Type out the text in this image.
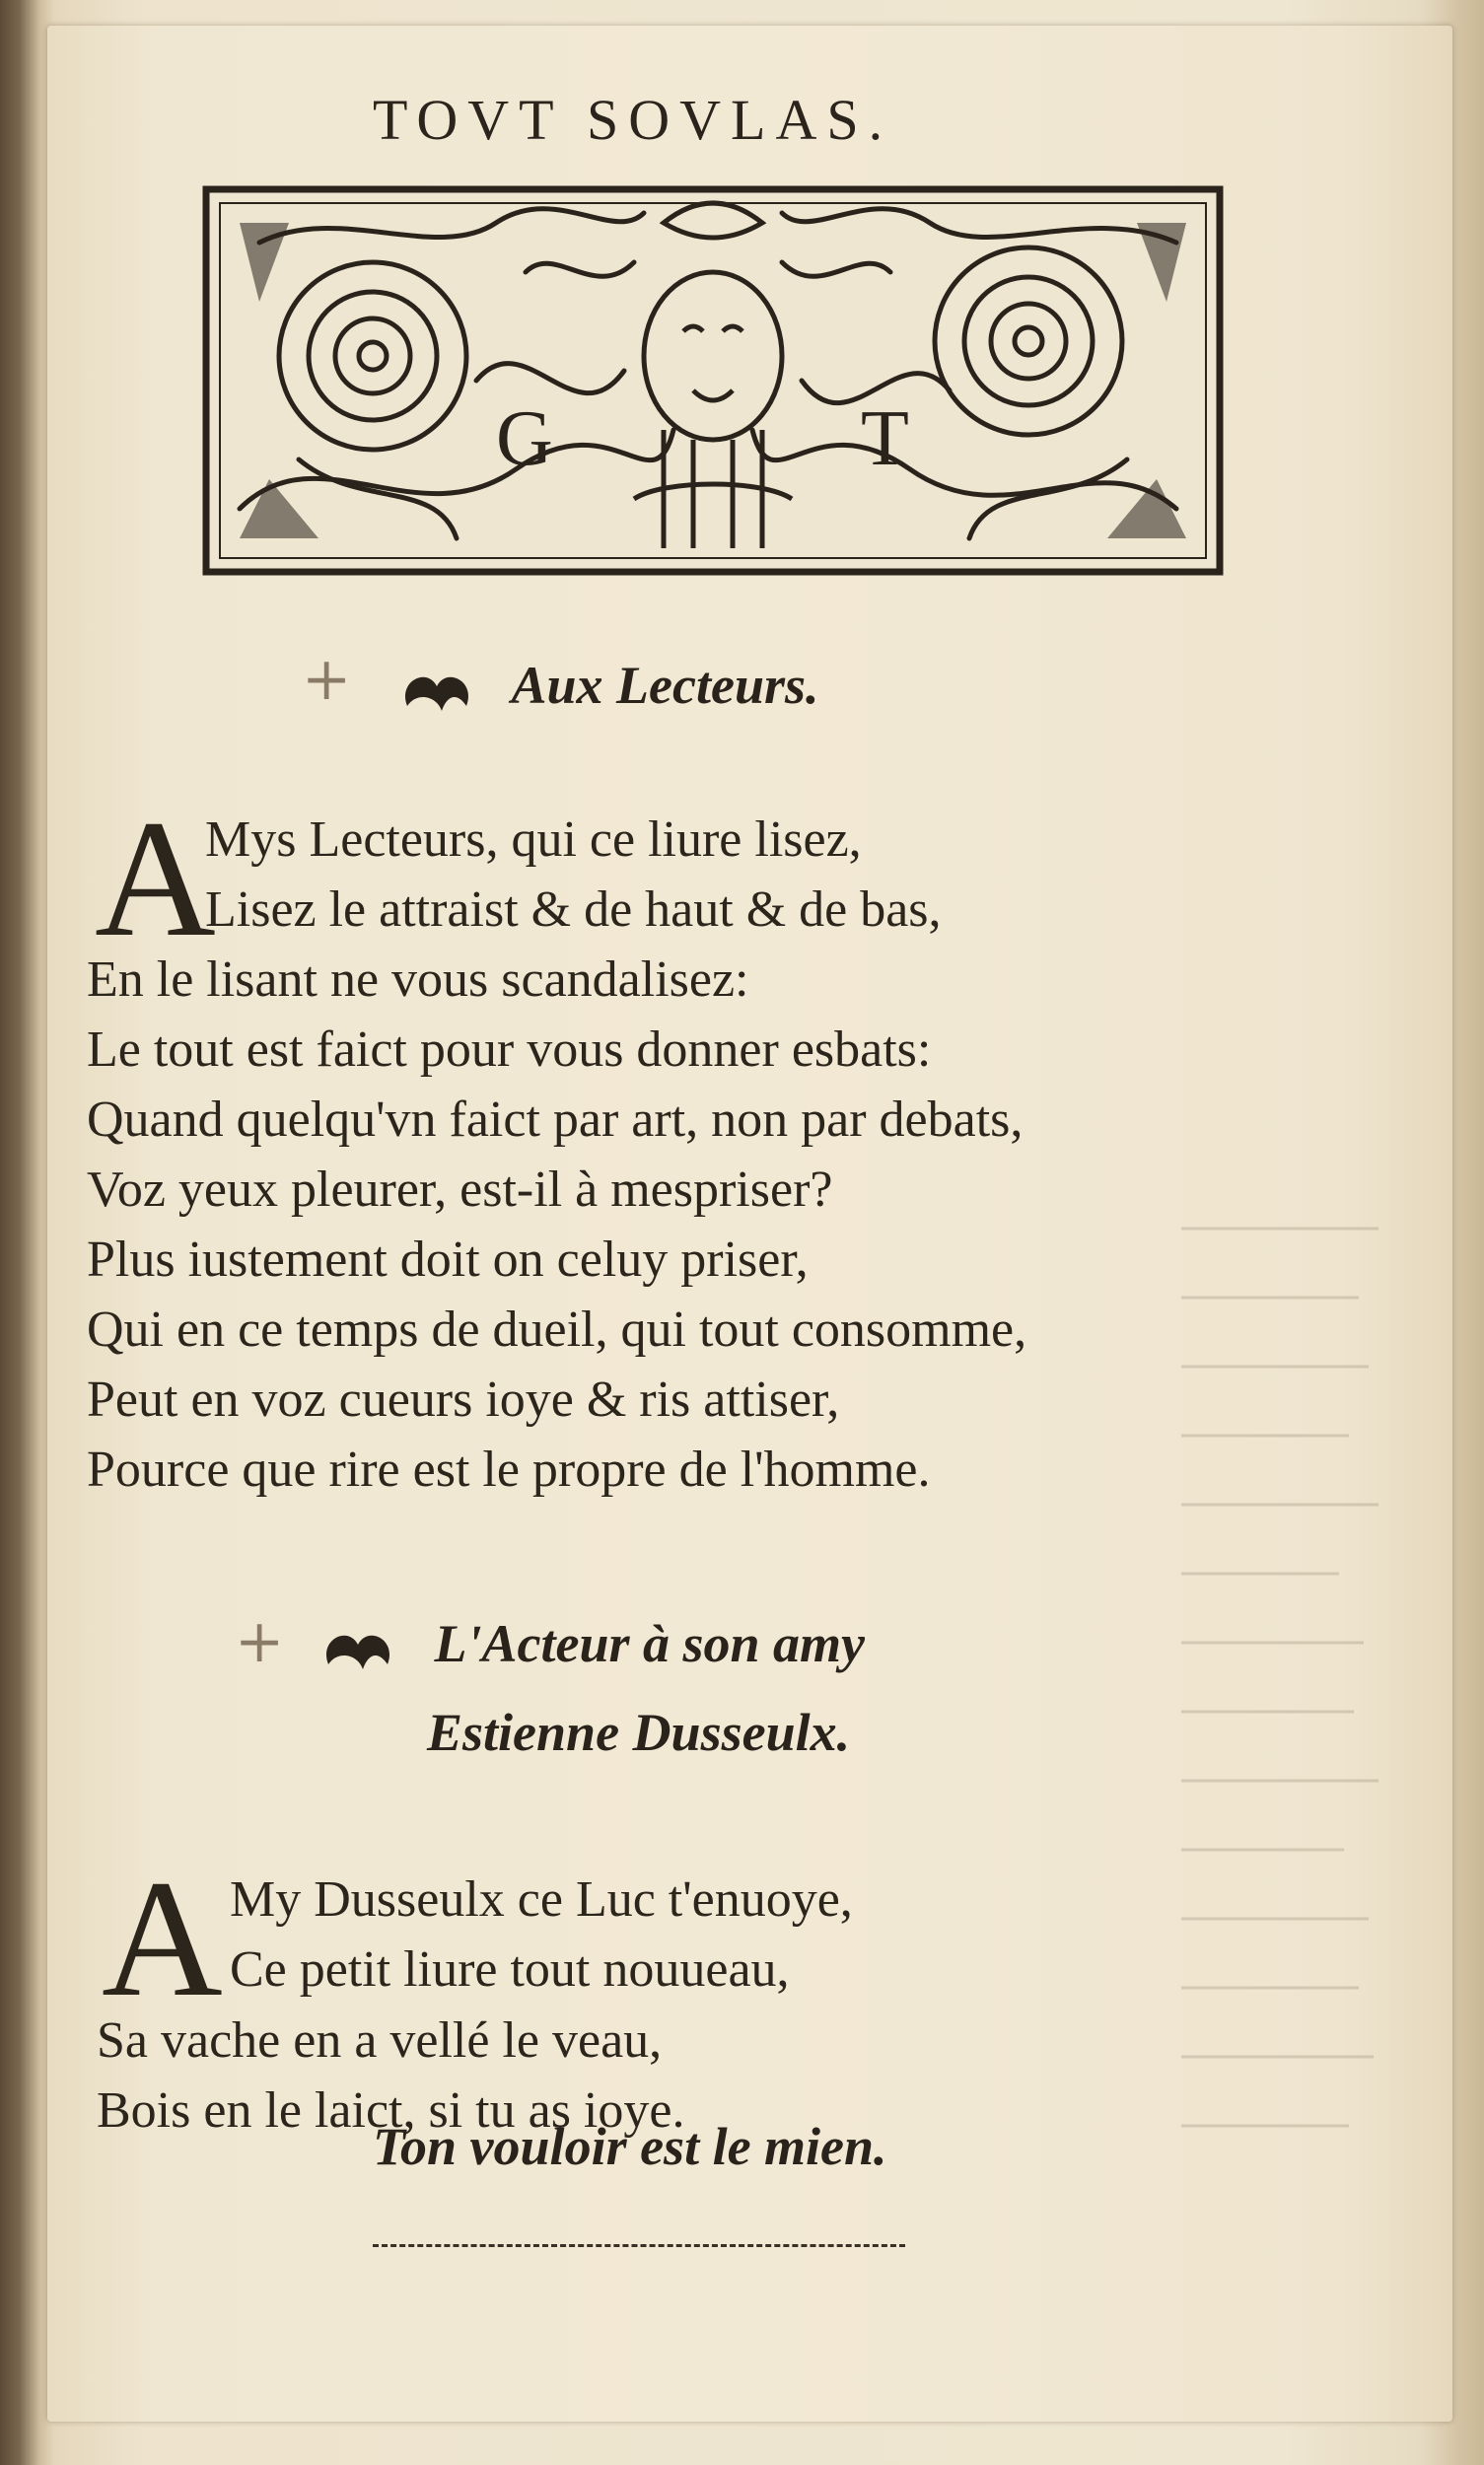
TOVT SOVLAS.
G	T
+	Aux Lecteurs.
A
Mys Lecteurs, qui ce liure lisez,
Lisez le attraist & de haut & de bas,
En le lisant ne vous scandalisez:
Le tout est faict pour vous donner esbats:
Quand quelqu'vn faict par art, non par debats,
Voz yeux pleurer, est-il à mespriser?
Plus iustement doit on celuy priser,
Qui en ce temps de dueil, qui tout consomme,
Peut en voz cueurs ioye & ris attiser,
Pource que rire est le propre de l'homme.
+	L'Acteur à son amy
Estienne Dusseulx.
A My Dusseulx ce Luc t'enuoye,
Ce petit liure tout nouueau,
Sa vache en a vellé le veau,
Bois en le laict, si tu as ioye.
Ton vouloir est le mien.
